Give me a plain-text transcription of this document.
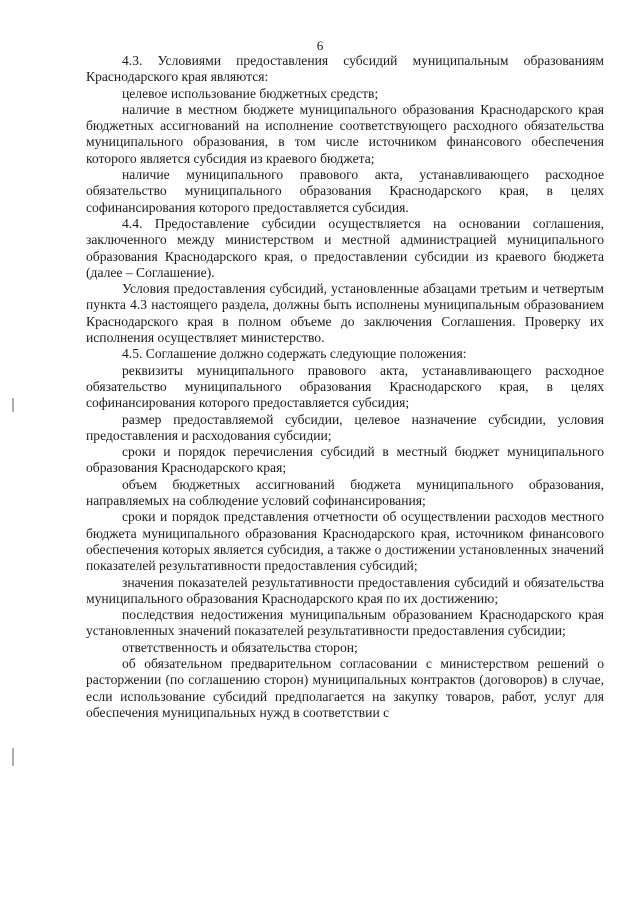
6

4.3. Условиями предоставления субсидий муниципальным образованиям Краснодарского края являются:

целевое использование бюджетных средств;

наличие в местном бюджете муниципального образования Краснодарского края бюджетных ассигнований на исполнение соответствующего расходного обязательства муниципального образования, в том числе источником финансового обеспечения которого является субсидия из краевого бюджета;

наличие муниципального правового акта, устанавливающего расходное обязательство муниципального образования Краснодарского края, в целях софинансирования которого предоставляется субсидия.

4.4. Предоставление субсидии осуществляется на основании соглашения, заключенного между министерством и местной администрацией муниципального образования Краснодарского края, о предоставлении субсидии из краевого бюджета (далее – Соглашение).

Условия предоставления субсидий, установленные абзацами третьим и четвертым пункта 4.3 настоящего раздела, должны быть исполнены муниципальным образованием Краснодарского края в полном объеме до заключения Соглашения. Проверку их исполнения осуществляет министерство.

4.5. Соглашение должно содержать следующие положения:

реквизиты муниципального правового акта, устанавливающего расходное обязательство муниципального образования Краснодарского края, в целях софинансирования которого предоставляется субсидия;

размер предоставляемой субсидии, целевое назначение субсидии, условия предоставления и расходования субсидии;

сроки и порядок перечисления субсидий в местный бюджет муниципального образования Краснодарского края;

объем бюджетных ассигнований бюджета муниципального образования, направляемых на соблюдение условий софинансирования;

сроки и порядок представления отчетности об осуществлении расходов местного бюджета муниципального образования Краснодарского края, источником финансового обеспечения которых является субсидия, а также о достижении установленных значений показателей результативности предоставления субсидий;

значения показателей результативности предоставления субсидий и обязательства муниципального образования Краснодарского края по их достижению;

последствия недостижения муниципальным образованием Краснодарского края установленных значений показателей результативности предоставления субсидии;

ответственность и обязательства сторон;

об обязательном предварительном согласовании с министерством решений о расторжении (по соглашению сторон) муниципальных контрактов (договоров) в случае, если использование субсидий предполагается на закупку товаров, работ, услуг для обеспечения муниципальных нужд в соответствии с
